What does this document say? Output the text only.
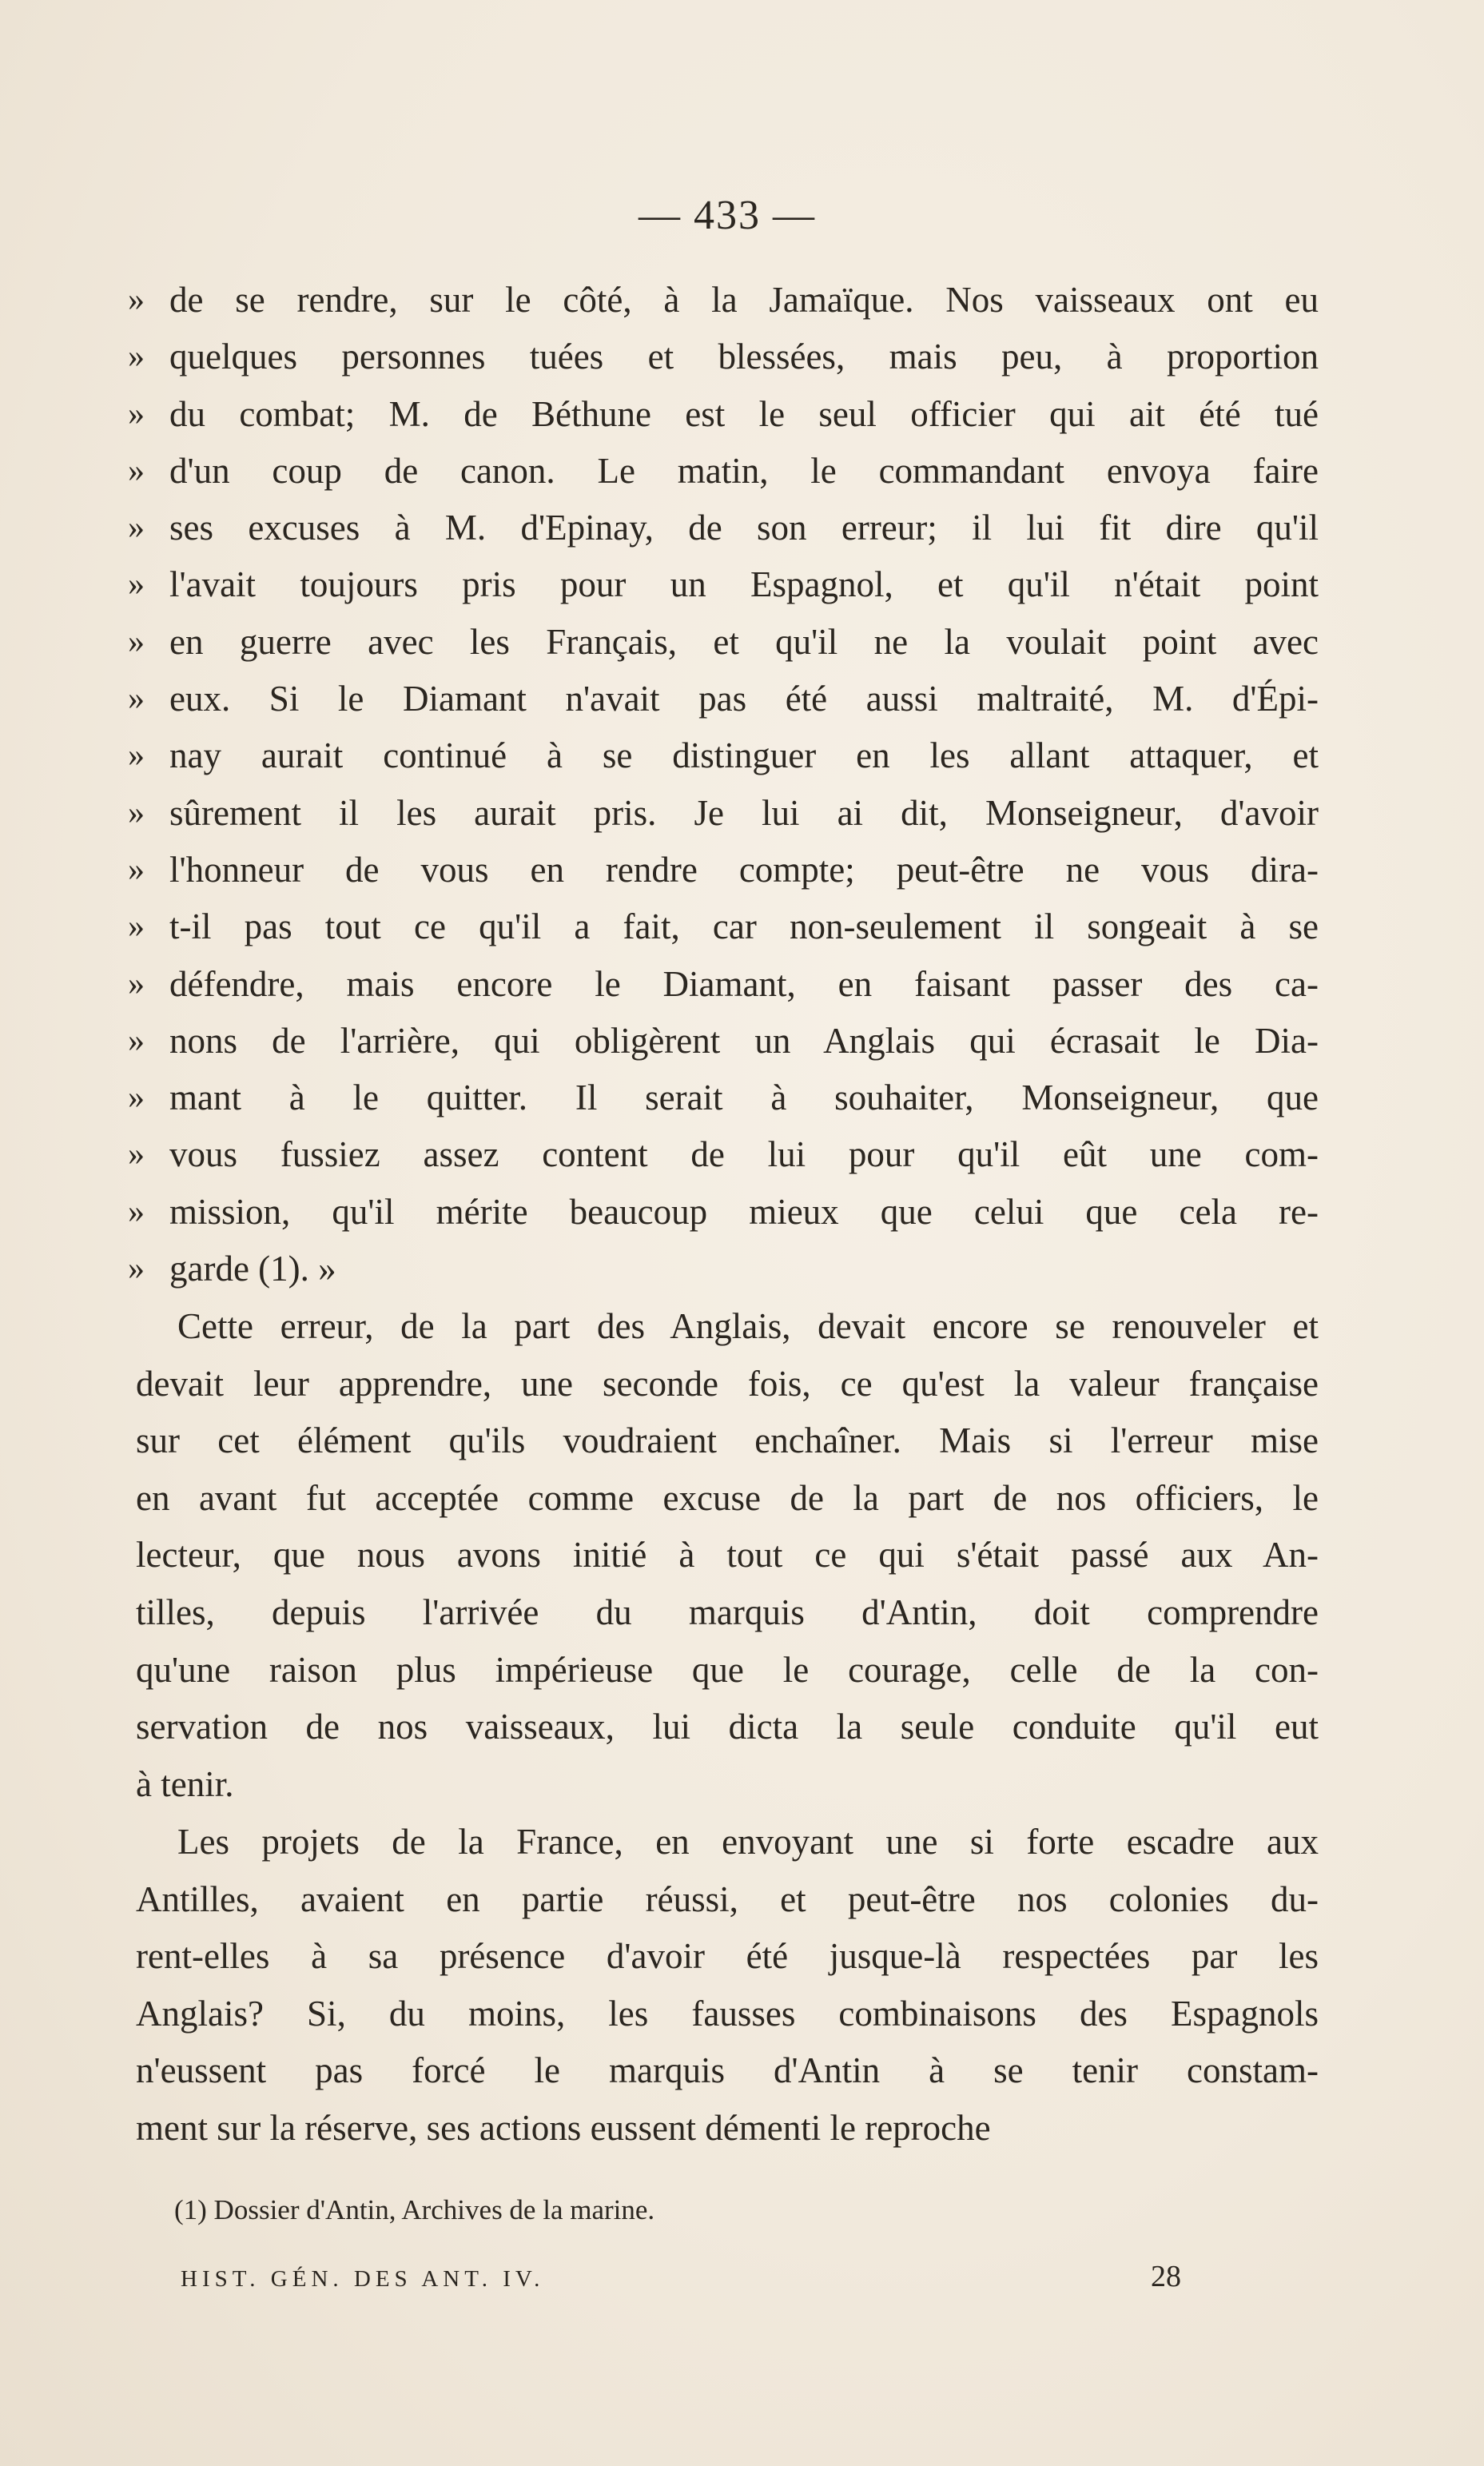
— 433 —
» de se rendre, sur le côté, à la Jamaïque. Nos vaisseaux ont eu
» quelques personnes tuées et blessées, mais peu, à proportion
» du combat; M. de Béthune est le seul officier qui ait été tué
» d'un coup de canon. Le matin, le commandant envoya faire
» ses excuses à M. d'Epinay, de son erreur; il lui fit dire qu'il
» l'avait toujours pris pour un Espagnol, et qu'il n'était point
» en guerre avec les Français, et qu'il ne la voulait point avec
» eux. Si le Diamant n'avait pas été aussi maltraité, M. d'Épi-
» nay aurait continué à se distinguer en les allant attaquer, et
» sûrement il les aurait pris. Je lui ai dit, Monseigneur, d'avoir
» l'honneur de vous en rendre compte; peut-être ne vous dira-
» t-il pas tout ce qu'il a fait, car non-seulement il songeait à se
» défendre, mais encore le Diamant, en faisant passer des ca-
» nons de l'arrière, qui obligèrent un Anglais qui écrasait le Dia-
» mant à le quitter. Il serait à souhaiter, Monseigneur, que
» vous fussiez assez content de lui pour qu'il eût une com-
» mission, qu'il mérite beaucoup mieux que celui que cela re-
» garde (1). »
Cette erreur, de la part des Anglais, devait encore se renouveler et
devait leur apprendre, une seconde fois, ce qu'est la valeur française
sur cet élément qu'ils voudraient enchaîner. Mais si l'erreur mise
en avant fut acceptée comme excuse de la part de nos officiers, le
lecteur, que nous avons initié à tout ce qui s'était passé aux An-
tilles, depuis l'arrivée du marquis d'Antin, doit comprendre
qu'une raison plus impérieuse que le courage, celle de la con-
servation de nos vaisseaux, lui dicta la seule conduite qu'il eut
à tenir.
Les projets de la France, en envoyant une si forte escadre aux
Antilles, avaient en partie réussi, et peut-être nos colonies du-
rent-elles à sa présence d'avoir été jusque-là respectées par les
Anglais? Si, du moins, les fausses combinaisons des Espagnols
n'eussent pas forcé le marquis d'Antin à se tenir constam-
ment sur la réserve, ses actions eussent démenti le reproche
(1) Dossier d'Antin, Archives de la marine.
HIST. GÉN. DES ANT. IV.	28
